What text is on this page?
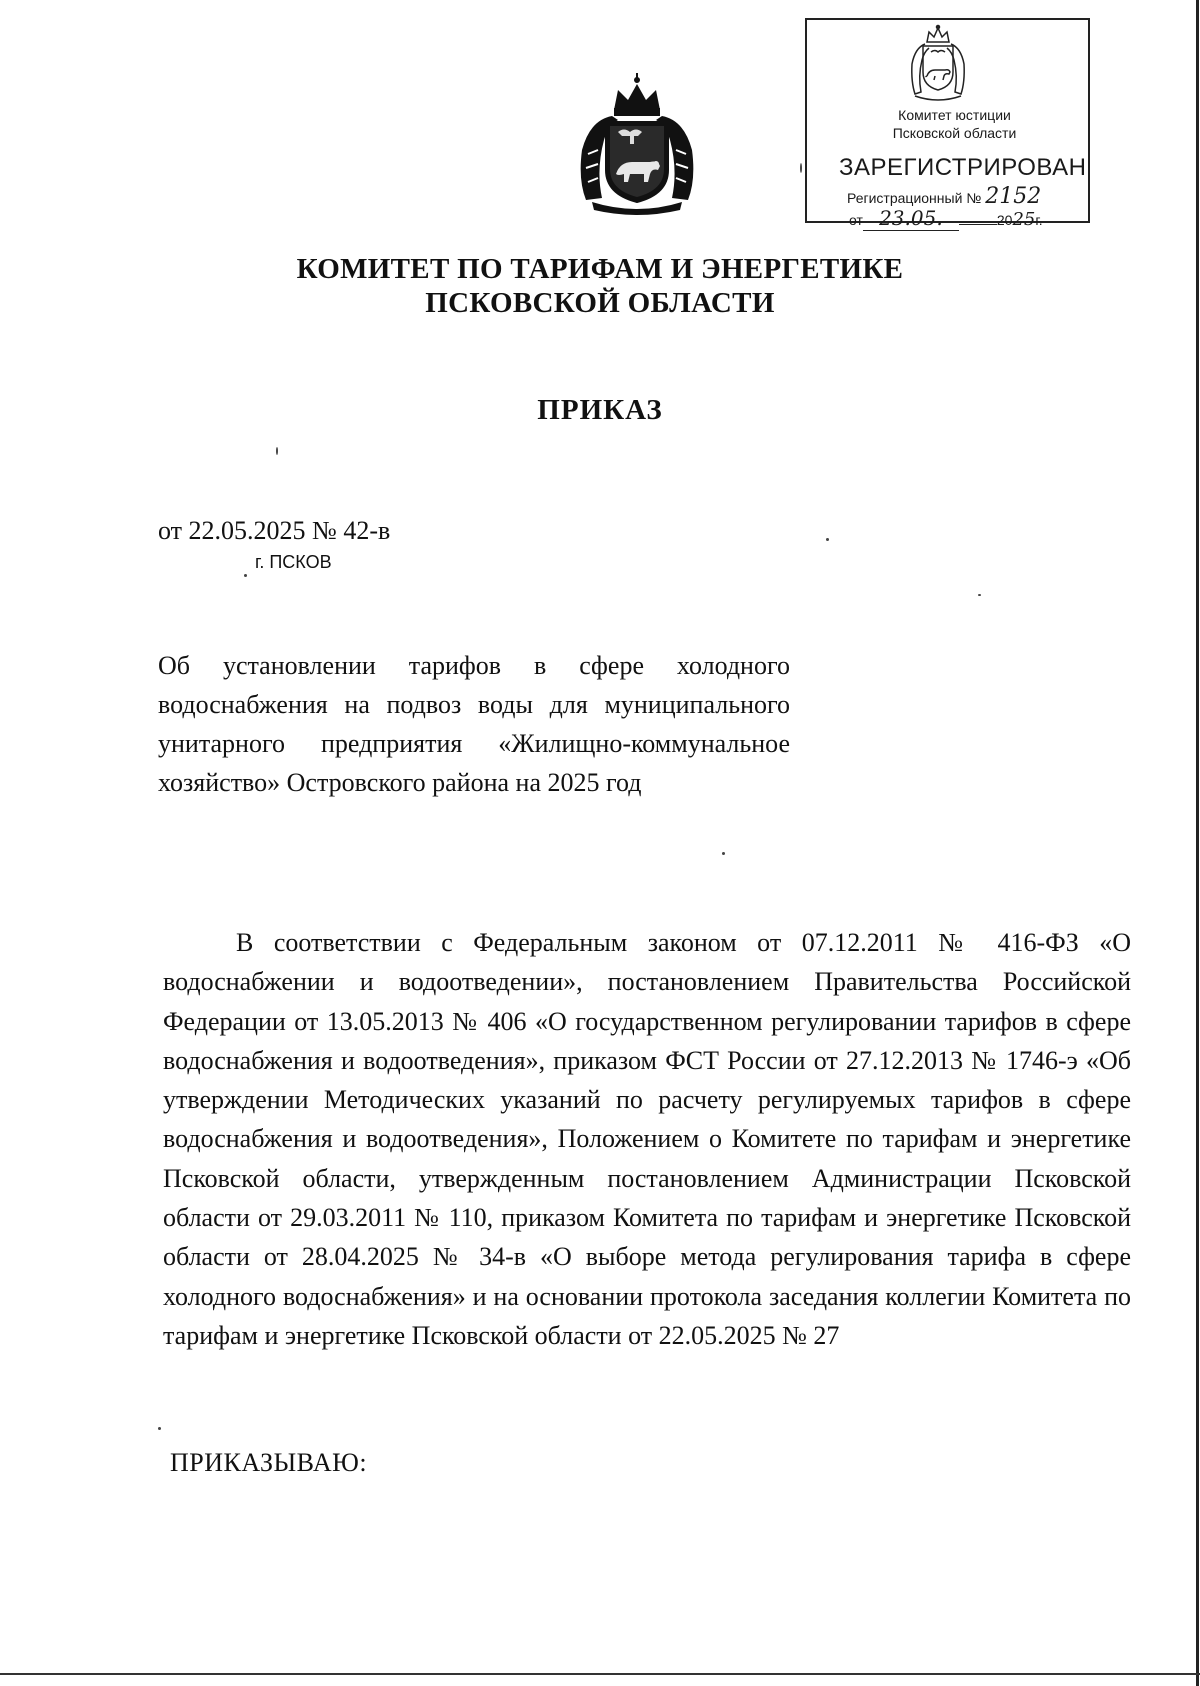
Комитет юстиции
Псковской области
ЗАРЕГИСТРИРОВАН
Регистрационный № 2152
от 23.05.	2025г.
КОМИТЕТ ПО ТАРИФАМ И ЭНЕРГЕТИКЕ
ПСКОВСКОЙ ОБЛАСТИ
ПРИКАЗ
от 22.05.2025 № 42-в
г. ПСКОВ
Об установлении тарифов в сфере холодного водоснабжения на подвоз воды для муниципального унитарного предприятия «Жилищно-коммунальное хозяйство» Островского района на 2025 год
В соответствии с Федеральным законом от 07.12.2011 № 416-ФЗ «О водоснабжении и водоотведении», постановлением Правительства Российской Федерации от 13.05.2013 № 406 «О государственном регулировании тарифов в сфере водоснабжения и водоотведения», приказом ФСТ России от 27.12.2013 № 1746-э «Об утверждении Методических указаний по расчету регулируемых тарифов в сфере водоснабжения и водоотведения», Положением о Комитете по тарифам и энергетике Псковской области, утвержденным постановлением Администрации Псковской области от 29.03.2011 № 110, приказом Комитета по тарифам и энергетике Псковской области от 28.04.2025 № 34-в «О выборе метода регулирования тарифа в сфере холодного водоснабжения» и на основании протокола заседания коллегии Комитета по тарифам и энергетике Псковской области от 22.05.2025 № 27
ПРИКАЗЫВАЮ:
